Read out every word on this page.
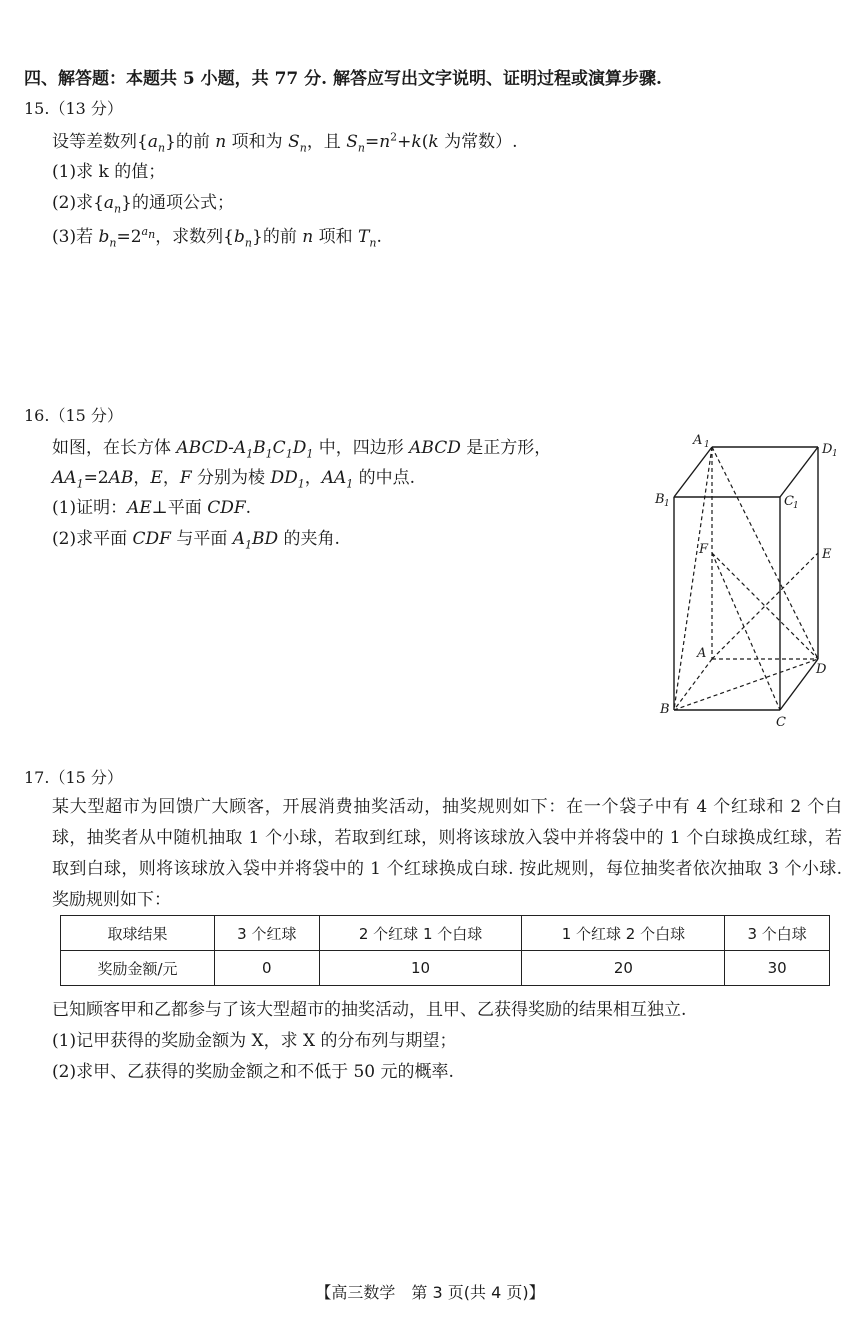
四、解答题：本题共 5 小题，共 77 分. 解答应写出文字说明、证明过程或演算步骤.
15.（13 分）
设等差数列$\{a_n\}$的前 n 项和为 $S_n$，且 $S_n=n^2+k(k$ 为常数）.
(1)求 k 的值；
(2)求$\{a_n\}$的通项公式；
(3)若 $b_n=2^{a_n}$，求数列$\{b_n\}$的前 n 项和 $T_n$.
16.（15 分）
如图，在长方体 ABCD-$A_1B_1C_1D_1$ 中，四边形 ABCD 是正方形，
$AA_1=2AB$，E，F 分别为棱 $DD_1$，$AA_1$ 的中点.
(1)证明：AE⊥平面 CDF.
(2)求平面 CDF 与平面 $A_1BD$ 的夹角.
A 1	D 1
B 1	C 1
F	E
A
D
B
C
17.（15 分）
某大型超市为回馈广大顾客，开展消费抽奖活动，抽奖规则如下：在一个袋子中有 4 个红球和 2 个白球，抽奖者从中随机抽取 1 个小球，若取到红球，则将该球放入袋中并将袋中的 1 个白球换成红球，若取到白球，则将该球放入袋中并将袋中的 1 个红球换成白球. 按此规则，每位抽奖者依次抽取 3 个小球. 奖励规则如下：
取球结果	3 个红球	2 个红球 1 个白球	1 个红球 2 个白球	3 个白球
奖励金额/元	0	10	20	30
已知顾客甲和乙都参与了该大型超市的抽奖活动，且甲、乙获得奖励的结果相互独立.
(1)记甲获得的奖励金额为 X，求 X 的分布列与期望；
(2)求甲、乙获得的奖励金额之和不低于 50 元的概率.
【高三数学　第 3 页(共 4 页)】
